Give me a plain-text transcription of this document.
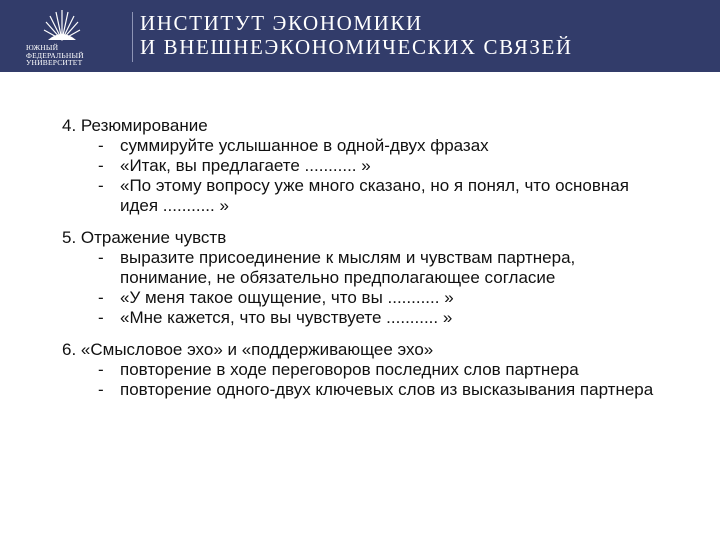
ЮЖНЫЙ
ФЕДЕРАЛЬНЫЙ
УНИВЕРСИТЕТ
ИНСТИТУТ ЭКОНОМИКИ
И ВНЕШНЕЭКОНОМИЧЕСКИХ СВЯЗЕЙ
4. Резюмирование
- суммируйте услышанное в одной-двух фразах
- «Итак, вы предлагаете ........... »
- «По этому вопросу уже много сказано, но я понял, что основная идея ........... »
5. Отражение чувств
- выразите присоединение к мыслям и чувствам партнера, понимание, не обязательно предполагающее согласие
- «У меня такое ощущение, что вы ........... »
- «Мне кажется, что вы чувствуете ........... »
6. «Смысловое эхо» и «поддерживающее эхо»
- повторение в ходе переговоров последних слов партнера
- повторение одного-двух ключевых слов из высказывания партнера
